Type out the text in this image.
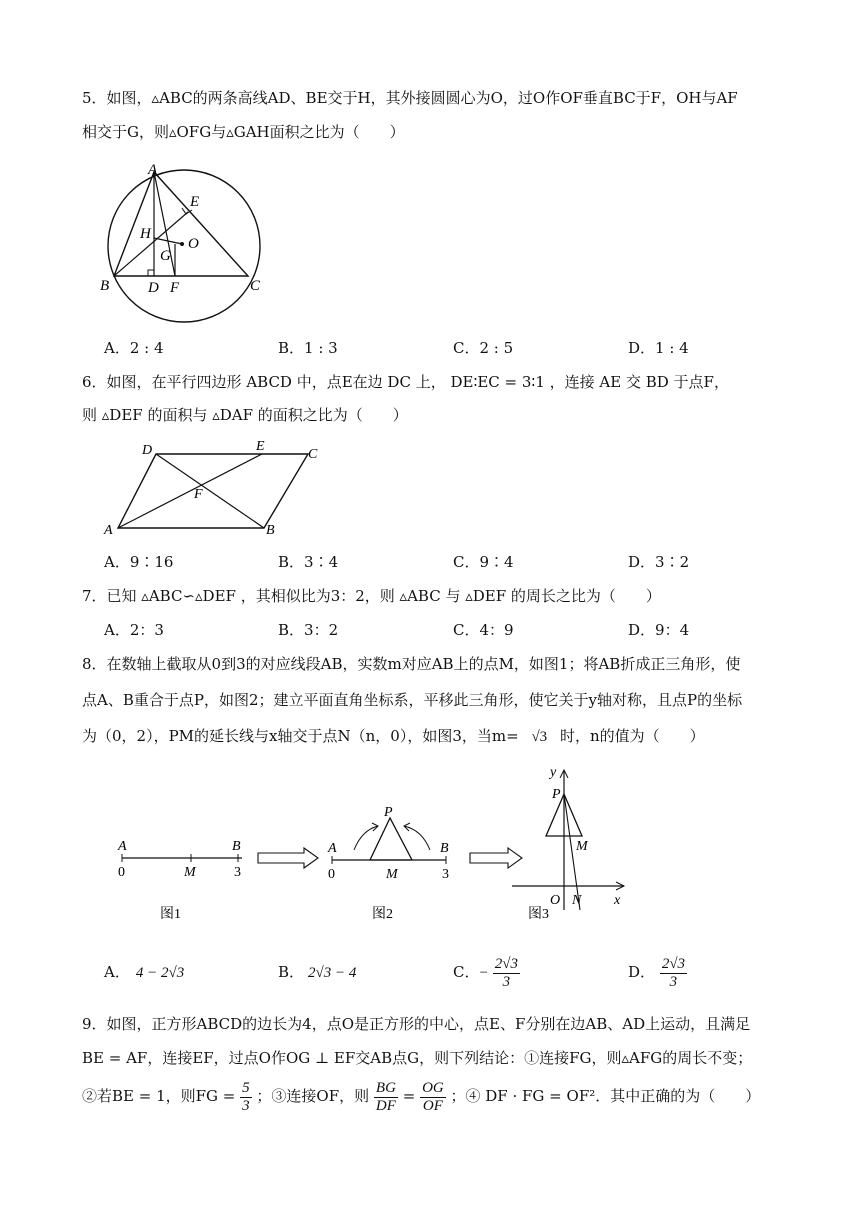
5．如图，▵ABC的两条高线AD、BE交于H，其外接圆圆心为O，过O作OF垂直BC于F，OH与AF
相交于G，则▵OFG与▵GAH面积之比为（　　）
A
E
H
O
G
B	D F	C
A．2 : 4	B．1 : 3	C．2 : 5	D．1 : 4
6．如图，在平行四边形 ABCD 中，点E在边 DC 上， DE∶EC = 3∶1 ，连接 AE 交 BD 于点F，
则 ▵DEF 的面积与 ▵DAF 的面积之比为（　　）
D	E
C
F
A	B
A．9∶16	B．3∶4	C．9∶4	D．3∶2
7．已知 ▵ABC∽▵DEF ，其相似比为3：2，则 ▵ABC 与 ▵DEF 的周长之比为（　　）
A．2：3	B．3：2	C．4：9	D．9：4
8．在数轴上截取从0到3的对应线段AB，实数m对应AB上的点M，如图1；将AB折成正三角形，使
点A、B重合于点P，如图2；建立平面直角坐标系，平移此三角形，使它关于y轴对称，且点P的坐标
为（0，2），PM的延长线与x轴交于点N（n，0），如图3，当m= √3 时，n的值为（　　）
A	B
0	M	3
图1
P
A	B
0	M	3
图2
y
P
M
O N x
图3
A． 4 − 2√3	B． 2√3 − 4	C．− $\frac{2√3}{3}$	D． $\frac{2√3}{3}$
9．如图，正方形ABCD的边长为4，点O是正方形的中心，点E、F分别在边AB、AD上运动，且满足
BE = AF，连接EF，过点O作OG ⊥ EF交AB点G，则下列结论：①连接FG，则▵AFG的周长不变；
②若BE = 1，则FG = $\frac{5}{3}$ ；③连接OF，则 $\frac{BG}{DF} = \frac{OG}{OF}$ ；④ DF · FG = OF²．其中正确的为（　　）
